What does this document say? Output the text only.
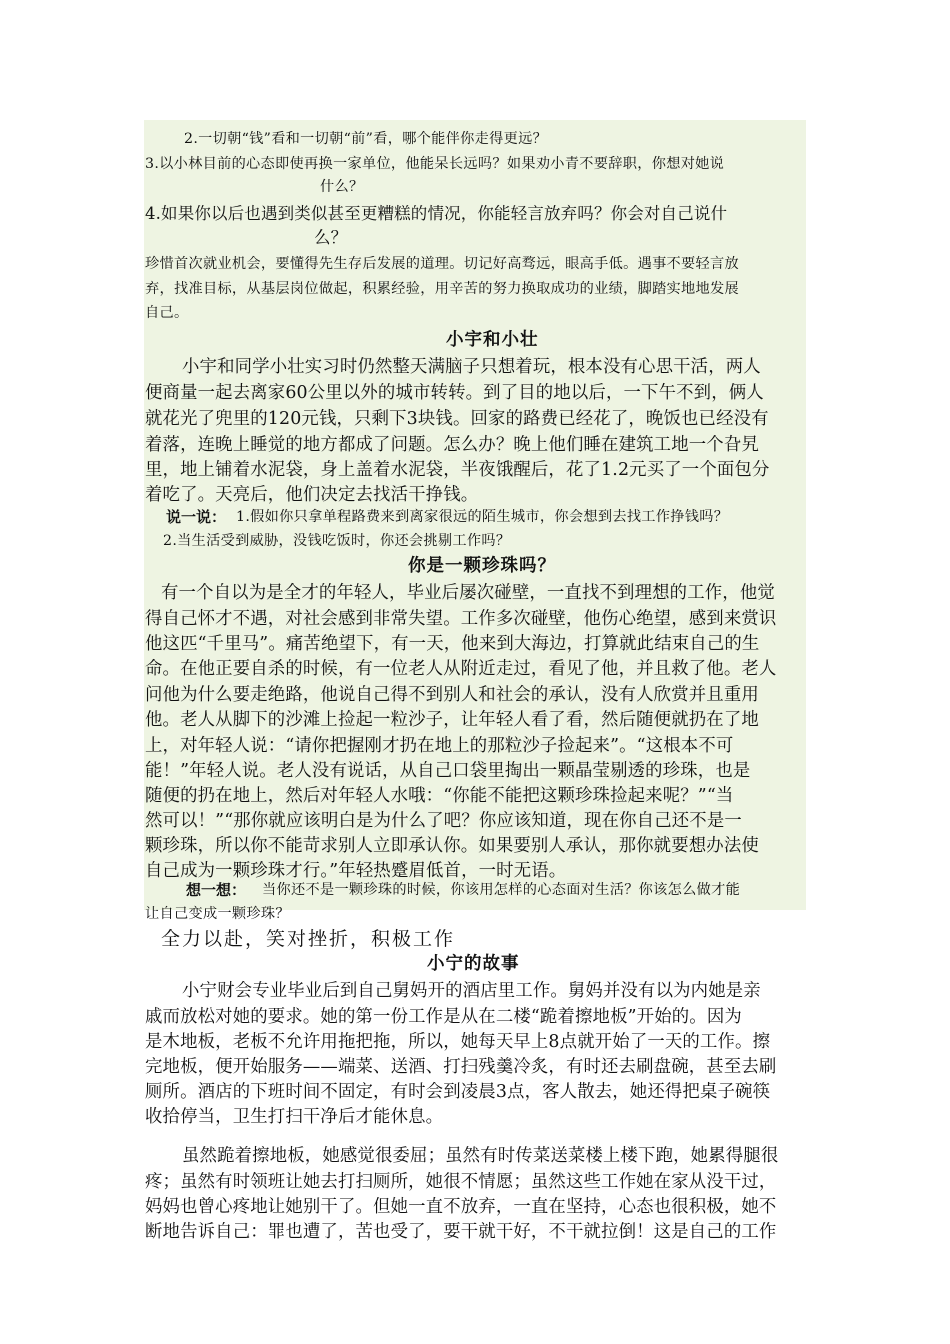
2.一切朝“钱”看和一切朝“前”看，哪个能伴你走得更远？
3.以小林目前的心态即使再换一家单位，他能呆长远吗？如果劝小青不要辞职，你想对她说
什么？
4.如果你以后也遇到类似甚至更糟糕的情况，你能轻言放弃吗？你会对自己说什
么？
珍惜首次就业机会，要懂得先生存后发展的道理。切记好高骛远，眼高手低。遇事不要轻言放
弃，找准目标，从基层岗位做起，积累经验，用辛苦的努力换取成功的业绩，脚踏实地地发展
自己。
小宇和小壮
小宇和同学小壮实习时仍然整天满脑子只想着玩，根本没有心思干活，两人
便商量一起去离家60公里以外的城市转转。到了目的地以后，一下午不到，俩人
就花光了兜里的120元钱，只剩下3块钱。回家的路费已经花了，晚饭也已经没有
着落，连晚上睡觉的地方都成了问题。怎么办？晚上他们睡在建筑工地一个旮旯
里，地上铺着水泥袋，身上盖着水泥袋，半夜饿醒后，花了1.2元买了一个面包分
着吃了。天亮后，他们决定去找活干挣钱。
说一说： 1.假如你只拿单程路费来到离家很远的陌生城市，你会想到去找工作挣钱吗？
2.当生活受到威胁，没钱吃饭时，你还会挑剔工作吗？
你是一颗珍珠吗？
有一个自以为是全才的年轻人，毕业后屡次碰壁，一直找不到理想的工作，他觉
得自己怀才不遇，对社会感到非常失望。工作多次碰壁，他伤心绝望，感到来赏识
他这匹“千里马”。痛苦绝望下，有一天，他来到大海边，打算就此结束自己的生
命。在他正要自杀的时候，有一位老人从附近走过，看见了他，并且救了他。老人
问他为什么要走绝路，他说自己得不到别人和社会的承认，没有人欣赏并且重用
他。老人从脚下的沙滩上捡起一粒沙子，让年轻人看了看，然后随便就扔在了地
上，对年轻人说：“请你把握刚才扔在地上的那粒沙子捡起来”。“这根本不可
能！”年轻人说。老人没有说话，从自己口袋里掏出一颗晶莹剔透的珍珠，也是
随便的扔在地上，然后对年轻人水哦：“你能不能把这颗珍珠捡起来呢？”“当
然可以！”“那你就应该明白是为什么了吧？你应该知道，现在你自己还不是一
颗珍珠，所以你不能苛求别人立即承认你。如果要别人承认，那你就要想办法使
自己成为一颗珍珠才行。”年轻热蹙眉低首，一时无语。
想一想： 当你还不是一颗珍珠的时候，你该用怎样的心态面对生活？你该怎么做才能
让自己变成一颗珍珠？
全力以赴，笑对挫折，积极工作
小宁的故事
小宁财会专业毕业后到自己舅妈开的酒店里工作。舅妈并没有以为内她是亲
戚而放松对她的要求。她的第一份工作是从在二楼“跪着擦地板”开始的。因为
是木地板，老板不允许用拖把拖，所以，她每天早上8点就开始了一天的工作。擦
完地板，便开始服务——端菜、送酒、打扫残羹冷炙，有时还去刷盘碗，甚至去刷
厕所。酒店的下班时间不固定，有时会到凌晨3点，客人散去，她还得把桌子碗筷
收拾停当，卫生打扫干净后才能休息。
虽然跪着擦地板，她感觉很委屈；虽然有时传菜送菜楼上楼下跑，她累得腿很
疼；虽然有时领班让她去打扫厕所，她很不情愿；虽然这些工作她在家从没干过，
妈妈也曾心疼地让她别干了。但她一直不放弃，一直在坚持，心态也很积极，她不
断地告诉自己：罪也遭了，苦也受了，要干就干好，不干就拉倒！这是自己的工作
